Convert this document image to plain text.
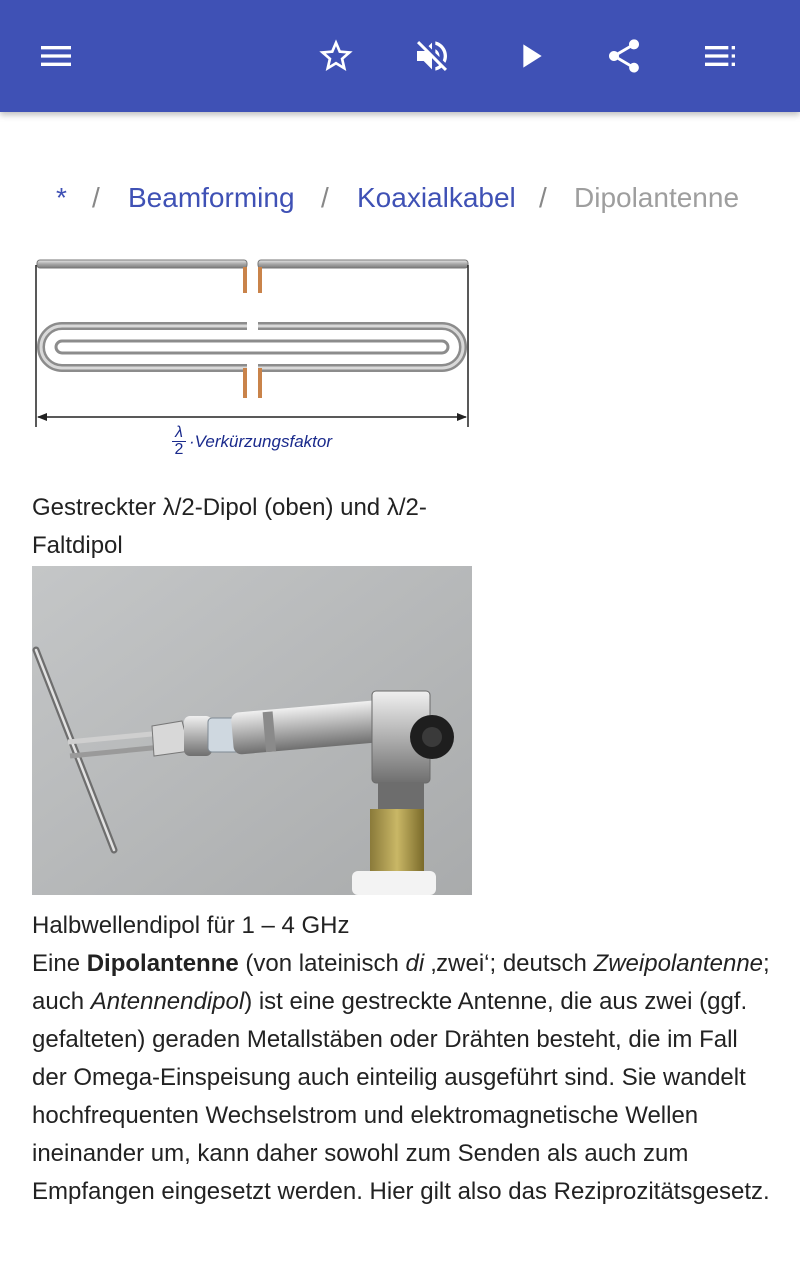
* / Beamforming / Koaxialkabel / Dipolantenne
λ
2 ·Verkürzungsfaktor
Gestreckter λ/2-Dipol (oben) und λ/2-Faltdipol
Halbwellendipol für 1 – 4 GHz
Eine Dipolantenne (von lateinisch di ‚zwei‘; deutsch Zweipolantenne; auch Antennendipol) ist eine gestreckte Antenne, die aus zwei (ggf. gefalteten) geraden Metallstäben oder Drähten besteht, die im Fall der Omega-Einspeisung auch einteilig ausgeführt sind. Sie wandelt hochfrequenten Wechselstrom und elektromagnetische Wellen ineinander um, kann daher sowohl zum Senden als auch zum Empfangen eingesetzt werden. Hier gilt also das Reziprozitätsgesetz.
